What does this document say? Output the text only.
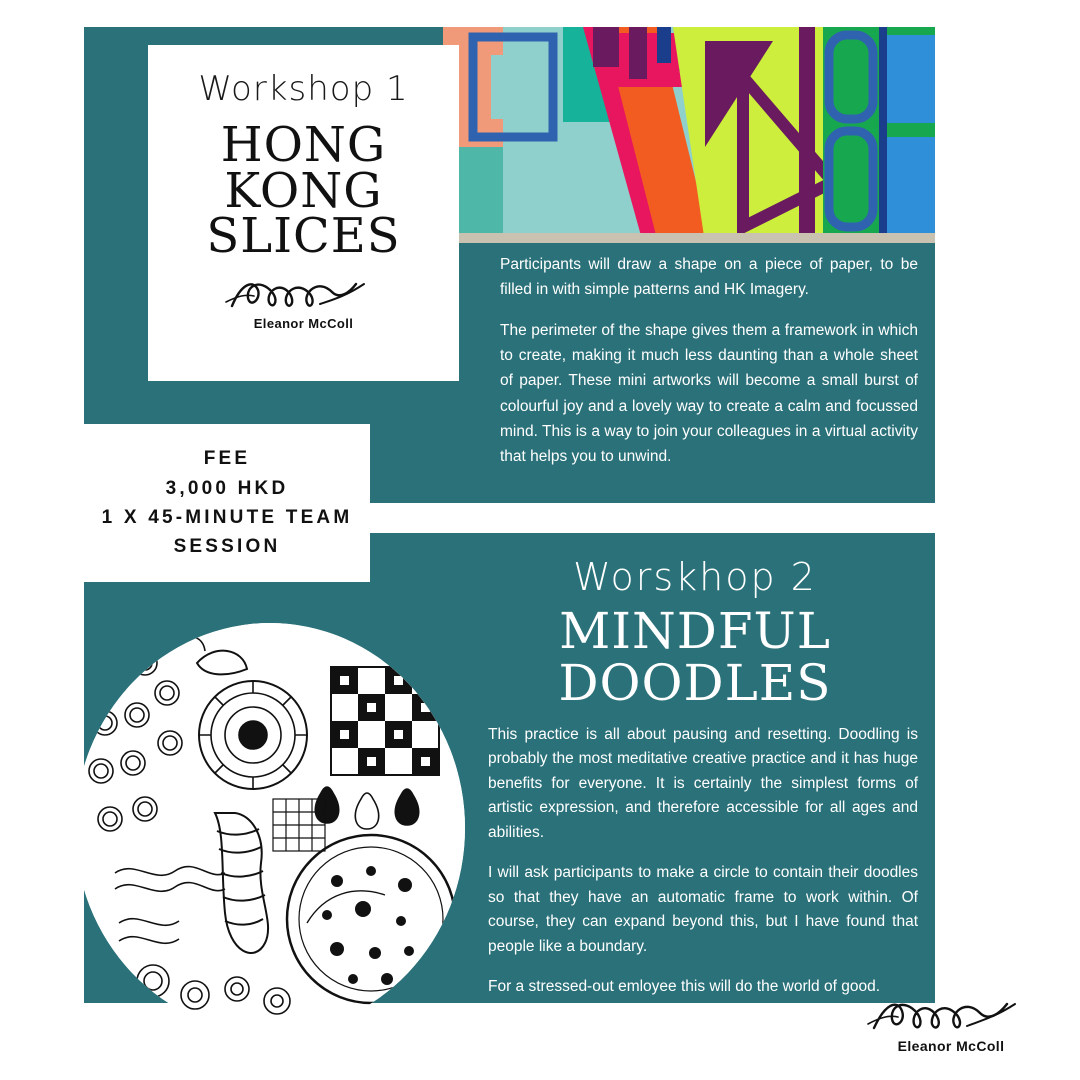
Workshop 1
HONG
KONG
SLICES
Eleanor McColl

Participants will draw a shape on a piece of paper, to be filled in with simple patterns and HK Imagery.

The perimeter of the shape gives them a framework in which to create, making it much less daunting than a whole sheet of paper. These mini artworks will become a small burst of colourful joy and a lovely way to create a calm and focussed mind. This is a way to join your colleagues in a virtual activity that helps you to unwind.

FEE
3,000 HKD
1 X 45-MINUTE TEAM SESSION
Worskhop 2
MINDFUL
DOODLES

This practice is all about pausing and resetting. Doodling is probably the most meditative creative practice and it has huge benefits for everyone. It is certainly the simplest forms of artistic expression, and therefore accessible for all ages and abilities.

I will ask participants to make a circle to contain their doodles so that they have an automatic frame to work within. Of course, they can expand beyond this, but I have found that people like a boundary.

For a stressed-out emloyee this will do the world of good.

Eleanor McColl
